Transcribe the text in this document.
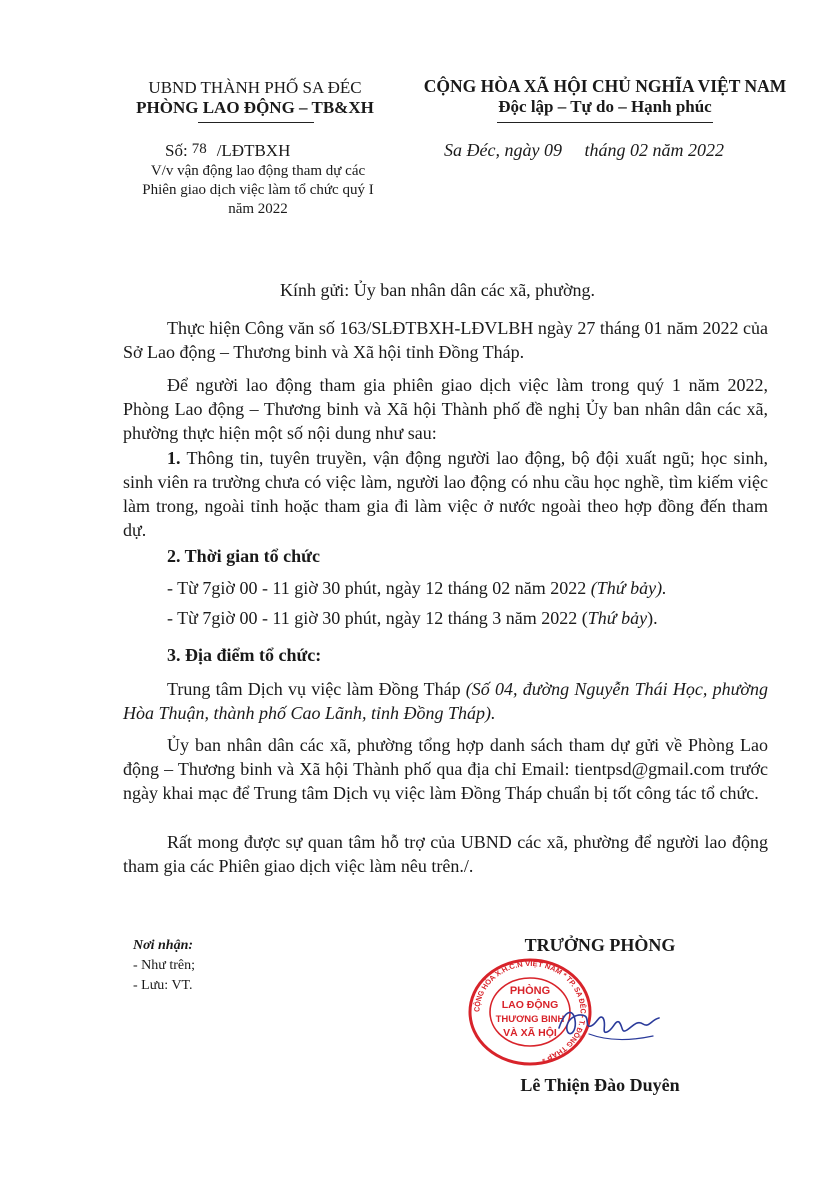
UBND THÀNH PHỐ SA ĐÉC
PHÒNG LAO ĐỘNG – TB&XH
CỘNG HÒA XÃ HỘI CHỦ NGHĨA VIỆT NAM
Độc lập – Tự do – Hạnh phúc
Số: 78 /LĐTBXH
V/v vận động lao động tham dự các Phiên giao dịch việc làm tổ chức quý I năm 2022
Sa Đéc, ngày 09     tháng 02 năm 2022
Kính gửi: Ủy ban nhân dân các xã, phường.
Thực hiện Công văn số 163/SLĐTBXH-LĐVLBH ngày 27 tháng 01 năm 2022 của Sở Lao động – Thương binh và Xã hội tỉnh Đồng Tháp.
Để người lao động tham gia phiên giao dịch việc làm trong quý 1 năm 2022, Phòng Lao động – Thương binh và Xã hội Thành phố đề nghị Ủy ban nhân dân các xã, phường thực hiện một số nội dung như sau:
1. Thông tin, tuyên truyền, vận động người lao động, bộ đội xuất ngũ; học sinh, sinh viên ra trường chưa có việc làm, người lao động có nhu cầu học nghề, tìm kiếm việc làm trong, ngoài tỉnh hoặc tham gia đi làm việc ở nước ngoài theo hợp đồng đến tham dự.
2. Thời gian tổ chức
- Từ 7giờ 00 - 11 giờ 30 phút, ngày 12 tháng 02 năm 2022 (Thứ bảy).
- Từ 7giờ 00 - 11 giờ 30 phút, ngày 12 tháng 3 năm 2022 (Thứ bảy).
3. Địa điểm tổ chức:
Trung tâm Dịch vụ việc làm Đồng Tháp (Số 04, đường Nguyễn Thái Học, phường Hòa Thuận, thành phố Cao Lãnh, tỉnh Đồng Tháp).
Ủy ban nhân dân các xã, phường tổng hợp danh sách tham dự gửi về Phòng Lao động – Thương binh và Xã hội Thành phố qua địa chỉ Email: tientpsd@gmail.com trước ngày khai mạc để Trung tâm Dịch vụ việc làm Đồng Tháp chuẩn bị tốt công tác tổ chức.
Rất mong được sự quan tâm hỗ trợ của UBND các xã, phường để người lao động tham gia các Phiên giao dịch việc làm nêu trên./.
Nơi nhận:
- Như trên;
- Lưu: VT.
TRƯỞNG PHÒNG
PHÒNG
LAO ĐỘNG
THƯƠNG BINH
VÀ XÃ HỘI
CỘNG HÒA X.H.C.N VIỆT NAM * TP. SA ĐÉC - T. ĐỒNG THÁP *
Lê Thiện Đào Duyên
